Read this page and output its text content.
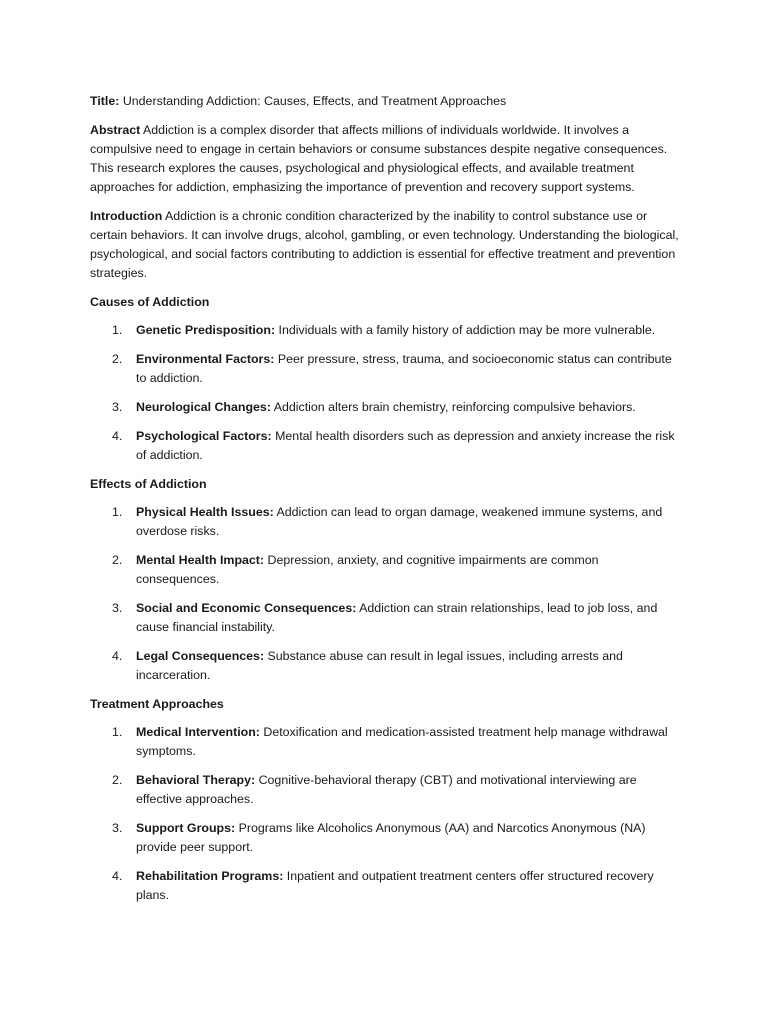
Title: Understanding Addiction: Causes, Effects, and Treatment Approaches

Abstract Addiction is a complex disorder that affects millions of individuals worldwide. It involves a compulsive need to engage in certain behaviors or consume substances despite negative consequences. This research explores the causes, psychological and physiological effects, and available treatment approaches for addiction, emphasizing the importance of prevention and recovery support systems.

Introduction Addiction is a chronic condition characterized by the inability to control substance use or certain behaviors. It can involve drugs, alcohol, gambling, or even technology. Understanding the biological, psychological, and social factors contributing to addiction is essential for effective treatment and prevention strategies.

Causes of Addiction

1. Genetic Predisposition: Individuals with a family history of addiction may be more vulnerable.
2. Environmental Factors: Peer pressure, stress, trauma, and socioeconomic status can contribute to addiction.
3. Neurological Changes: Addiction alters brain chemistry, reinforcing compulsive behaviors.
4. Psychological Factors: Mental health disorders such as depression and anxiety increase the risk of addiction.

Effects of Addiction

1. Physical Health Issues: Addiction can lead to organ damage, weakened immune systems, and overdose risks.
2. Mental Health Impact: Depression, anxiety, and cognitive impairments are common consequences.
3. Social and Economic Consequences: Addiction can strain relationships, lead to job loss, and cause financial instability.
4. Legal Consequences: Substance abuse can result in legal issues, including arrests and incarceration.

Treatment Approaches

1. Medical Intervention: Detoxification and medication-assisted treatment help manage withdrawal symptoms.
2. Behavioral Therapy: Cognitive-behavioral therapy (CBT) and motivational interviewing are effective approaches.
3. Support Groups: Programs like Alcoholics Anonymous (AA) and Narcotics Anonymous (NA) provide peer support.
4. Rehabilitation Programs: Inpatient and outpatient treatment centers offer structured recovery plans.
